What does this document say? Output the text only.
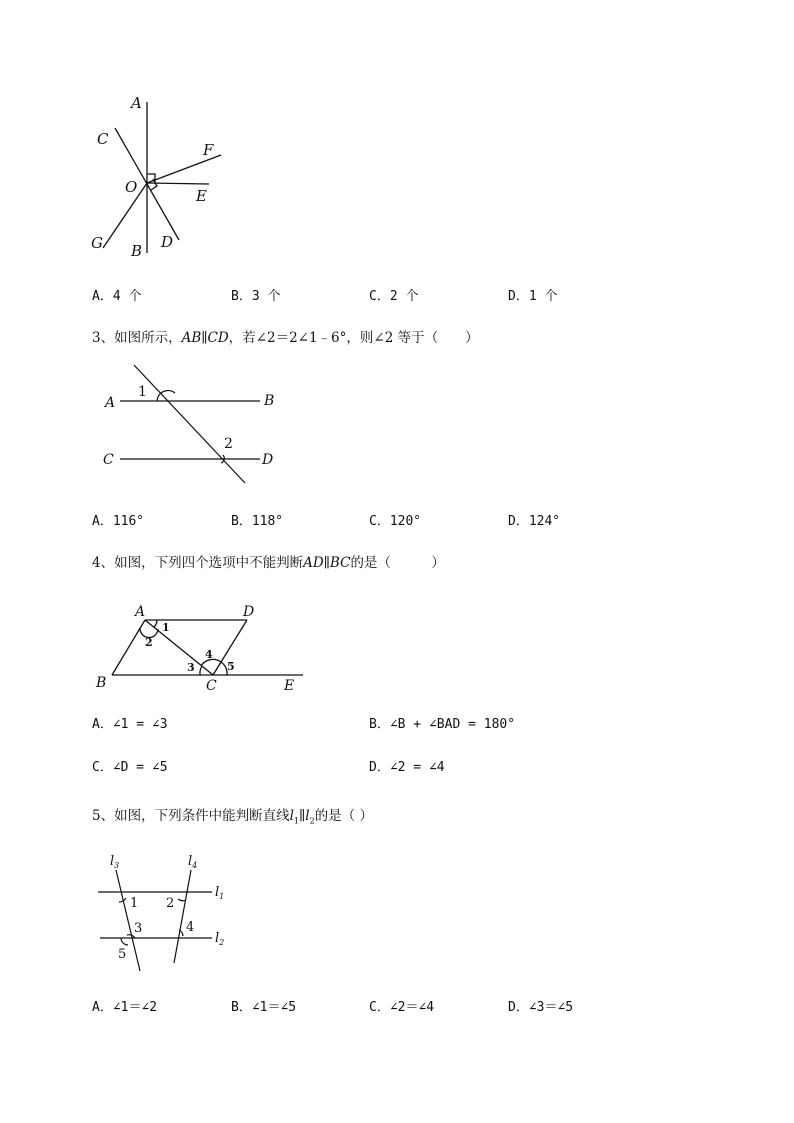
A
C
F
O	E
G B D
A．4 个	B．3 个	C．2 个	D．1 个
3、如图所示，AB∥CD，若∠2＝2∠1﹣6°，则∠2 等于（　　）
A	B
C	D
1
2
A．116°	B．118°	C．120°	D．124°
4、如图，下列四个选项中不能判断AD∥BC的是（　　　）
A	D
B	C	E
1
2
3
4
5
A．∠1 = ∠3	B．∠B + ∠BAD = 180°
C．∠D = ∠5	D．∠2 = ∠4
5、如图，下列条件中能判断直线$l_1\parallel l_2$的是（ ）
$l_3$	$l_4$
$l_1$
$l_2$
1 2
3	4
5
A．∠1＝∠2	B．∠1＝∠5	C．∠2＝∠4	D．∠3＝∠5
